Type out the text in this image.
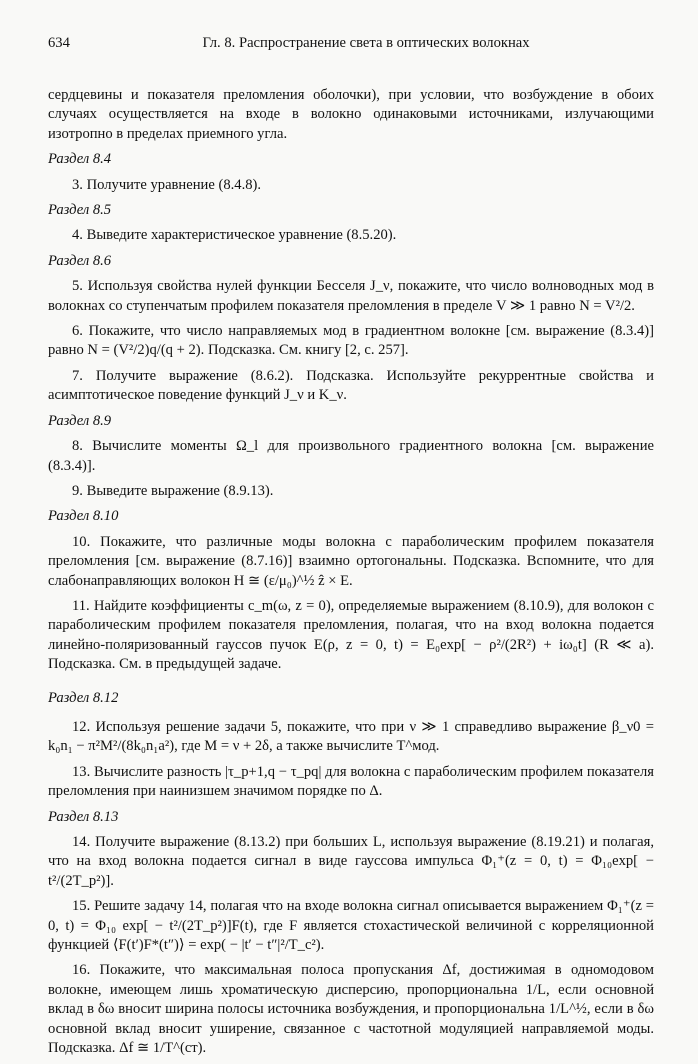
634	Гл. 8. Распространение света в оптических волокнах

сердцевины и показателя преломления оболочки), при условии, что возбуждение в обоих случаях осуществляется на входе в волокно одинаковыми источниками, излучающими изотропно в пределах приемного угла.

Раздел 8.4

3. Получите уравнение (8.4.8).

Раздел 8.5

4. Выведите характеристическое уравнение (8.5.20).

Раздел 8.6

5. Используя свойства нулей функции Бесселя J_ν, покажите, что число волноводных мод в волокнах со ступенчатым профилем показателя преломления в пределе V ≫ 1 равно N = V²/2.

6. Покажите, что число направляемых мод в градиентном волокне [см. выражение (8.3.4)] равно N = (V²/2)q/(q + 2). Подсказка. См. книгу [2, с. 257].

7. Получите выражение (8.6.2). Подсказка. Используйте рекуррентные свойства и асимптотическое поведение функций J_ν и K_ν.

Раздел 8.9

8. Вычислите моменты Ω_l для произвольного градиентного волокна [см. выражение (8.3.4)].

9. Выведите выражение (8.9.13).

Раздел 8.10

10. Покажите, что различные моды волокна с параболическим профилем показателя преломления [см. выражение (8.7.16)] взаимно ортогональны. Подсказка. Вспомните, что для слабонаправляющих волокон H ≅ (ε/μ₀)^½ ẑ × E.

11. Найдите коэффициенты c_m(ω, z = 0), определяемые выражением (8.10.9), для волокон с параболическим профилем показателя преломления, полагая, что на вход волокна подается линейно-поляризованный гауссов пучок E(ρ, z = 0, t) = E₀exp[ − ρ²/(2R²) + iω₀t] (R ≪ a). Подсказка. См. в предыдущей задаче.

Раздел 8.12

12. Используя решение задачи 5, покажите, что при ν ≫ 1 справедливо выражение β_ν0 = k₀n₁ − π²M²/(8k₀n₁a²), где M = ν + 2δ, а также вычислите T^мод.

13. Вычислите разность |τ_p+1,q − τ_pq| для волокна с параболическим профилем показателя преломления при наинизшем значимом порядке по Δ.

Раздел 8.13

14. Получите выражение (8.13.2) при больших L, используя выражение (8.19.21) и полагая, что на вход волокна подается сигнал в виде гауссова импульса Φ₁⁺(z = 0, t) = Φ₁₀exp[ − t²/(2T_p²)].

15. Решите задачу 14, полагая что на входе волокна сигнал описывается выражением Φ₁⁺(z = 0, t) = Φ₁₀ exp[ − t²/(2T_p²)]F(t), где F является стохастической величиной с корреляционной функцией ⟨F(t′)F*(t″)⟩ = exp( − |t′ − t″|²/T_c²).

16. Покажите, что максимальная полоса пропускания Δf, достижимая в одномодовом волокне, имеющем лишь хроматическую дисперсию, пропорциональна 1/L, если основной вклад в δω вносит ширина полосы источника возбуждения, и пропорциональна 1/L^½, если в δω основной вклад вносит уширение, связанное с частотной модуляцией направляемой моды. Подсказка. Δf ≅ 1/T^(ст).
